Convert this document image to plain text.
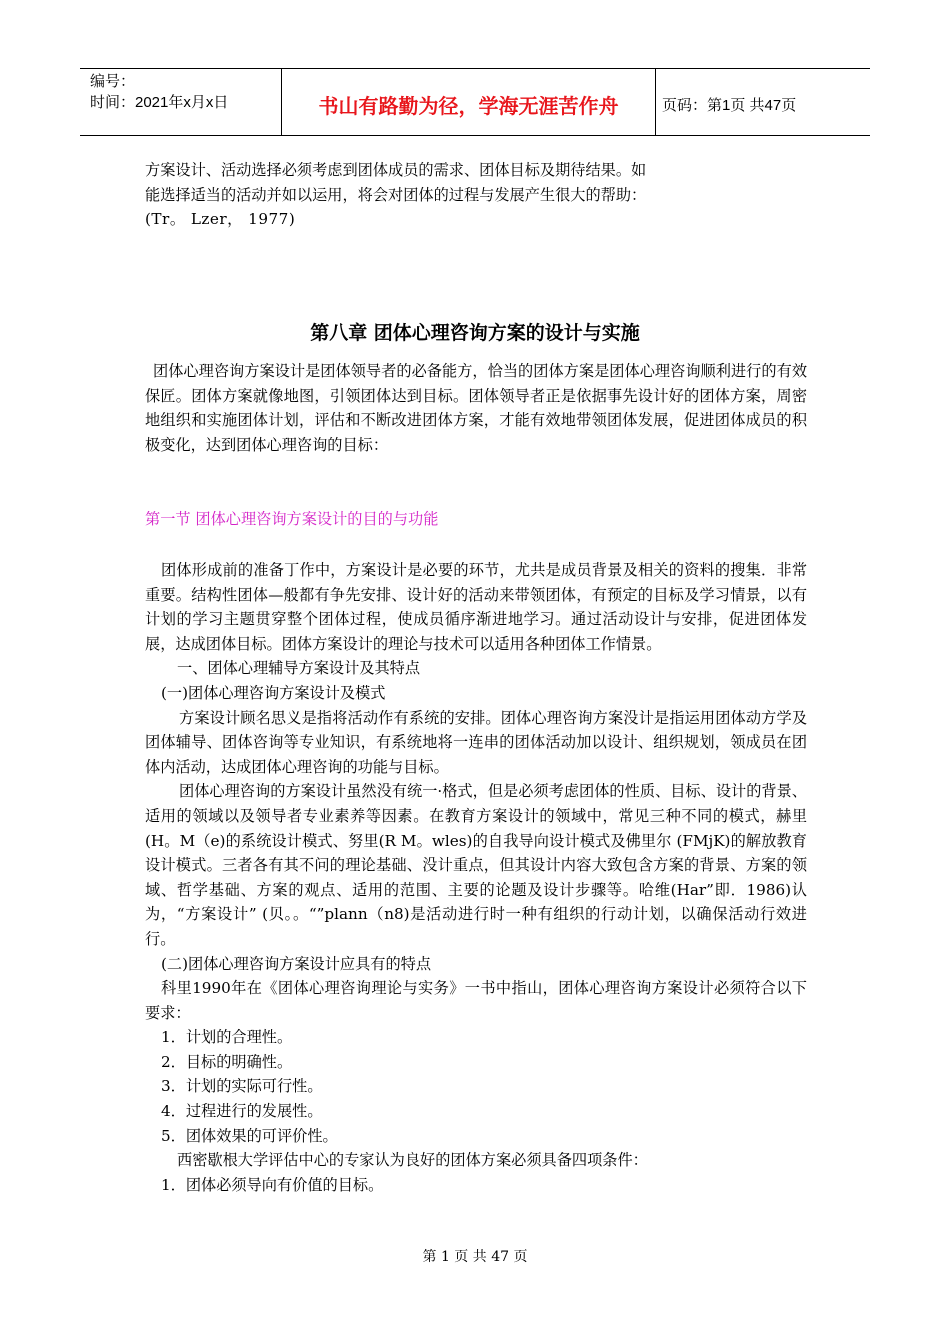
编号：
时间：2021年x月x日	书山有路勤为径，学海无涯苦作舟	页码：第1页 共47页

方案设计、活动选择必须考虑到团体成员的需求、团体目标及期待结果。如

能选择适当的活动并如以运用，将会对团体的过程与发展产生很大的帮助：

(Tr。 Lzer， 1977)

第八章 团体心理咨询方案的设计与实施

团体心理咨询方案设计是团体领导者的必备能方，恰当的团体方案是团体心理咨询顺利进行的有效保匠。团体方案就像地图，引领团体达到目标。团体领导者正是依据事先设计好的团体方案，周密地组织和实施团体计划，评估和不断改进团体方案，才能有效地带领团体发展，促进团体成员的积极变化，达到团体心理咨询的目标：

第一节 团体心理咨询方案设计的目的与功能

团体形成前的准备丁作中，方案设计是必要的环节，尤共是成员背景及相关的资料的搜集．非常重要。结构性团体—般都有争先安排、设计好的活动来带领团体，有预定的目标及学习情景，以有计划的学习主题贯穿整个团体过程，使成员循序渐进地学习。通过活动设计与安排，促进团体发展，达成团体目标。团体方案设计的理论与技术可以适用各种团体工作情景。

一、团体心理辅导方案设计及其特点

(一)团体心理咨询方案设计及模式

方案设计顾名思义是指将活动作有系统的安排。团体心理咨询方案没计是指运用团体动方学及团体辅导、团体咨询等专业知识，有系统地将一连串的团体活动加以设计、组织规划，领成员在团体内活动，达成团体心理咨询的功能与目标。

团体心理咨询的方案设计虽然没有统一·格式，但是必须考虑团体的性质、目标、设计的背景、适用的领域以及领导者专业素养等因素。在教育方案设计的领域中，常见三种不同的模式，赫里(H。M（e)的系统设计模式、努里(R M。wles)的自我导向设计模式及佛里尔 (FMjK)的解放教育设计模式。三者各有其不问的理论基础、没计重点，但其设计内容大致包含方案的背景、方案的领域、哲学基础、方案的观点、适用的范围、主要的论题及设计步骤等。哈维(Har”即．1986)认为，“方案设计” (贝。。“”plann（n8)是活动进行时一种有组织的行动计划，以确保活动行效进行。

(二)团体心理咨询方案设计应具有的特点

科里1990年在《团体心理咨询理论与实务》一书中指山，团体心理咨询方案设计必须符合以下要求：

1．计划的合理性。

2．目标的明确性。

3．计划的实际可行性。

4．过程进行的发展性。

5．团体效果的可评价性。

西密歇根大学评估中心的专家认为良好的团体方案必须具备四项条件：

1．团体必须导向有价值的目标。

第 1 页 共 47 页
